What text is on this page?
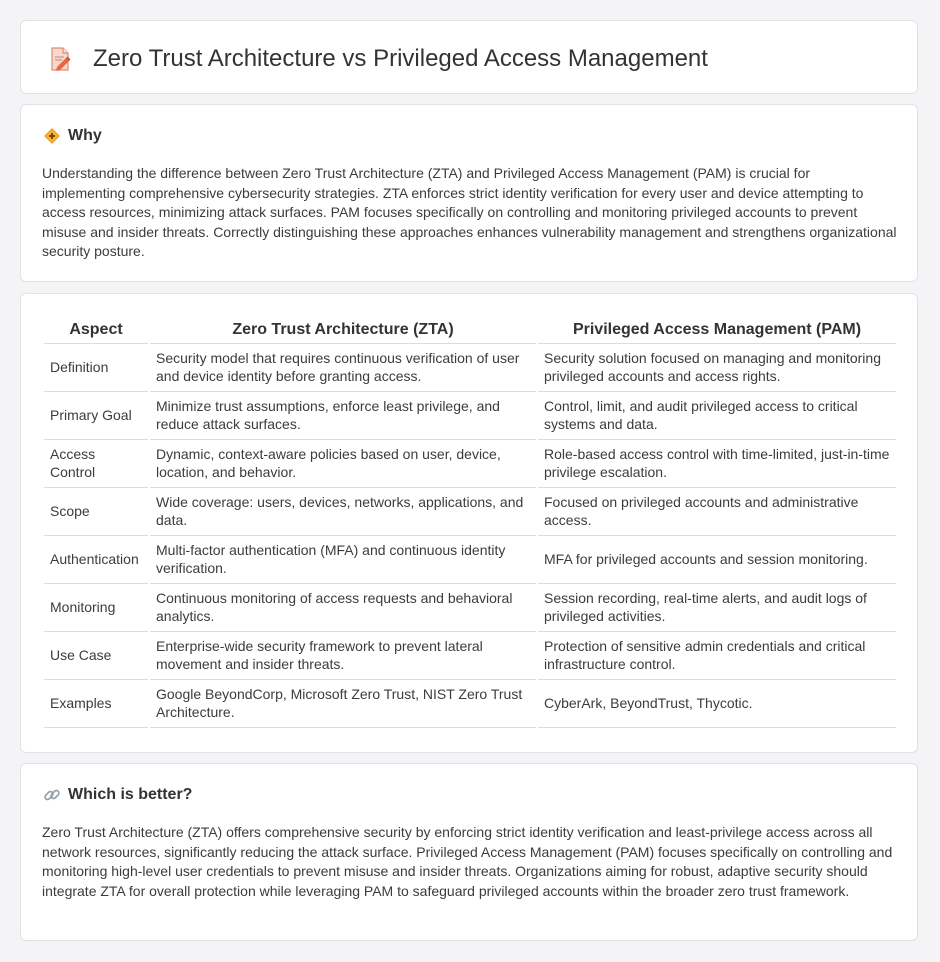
Zero Trust Architecture vs Privileged Access Management
Why

Understanding the difference between Zero Trust Architecture (ZTA) and Privileged Access Management (PAM) is crucial for implementing comprehensive cybersecurity strategies. ZTA enforces strict identity verification for every user and device attempting to access resources, minimizing attack surfaces. PAM focuses specifically on controlling and monitoring privileged accounts to prevent misuse and insider threats. Correctly distinguishing these approaches enhances vulnerability management and strengthens organizational security posture.

Aspect	Zero Trust Architecture (ZTA)	Privileged Access Management (PAM)
Definition	Security model that requires continuous verification of user and device identity before granting access.	Security solution focused on managing and monitoring privileged accounts and access rights.
Primary Goal	Minimize trust assumptions, enforce least privilege, and reduce attack surfaces.	Control, limit, and audit privileged access to critical systems and data.
Access Control	Dynamic, context-aware policies based on user, device, location, and behavior.	Role-based access control with time-limited, just-in-time privilege escalation.
Scope	Wide coverage: users, devices, networks, applications, and data.	Focused on privileged accounts and administrative access.
Authentication	Multi-factor authentication (MFA) and continuous identity verification.	MFA for privileged accounts and session monitoring.
Monitoring	Continuous monitoring of access requests and behavioral analytics.	Session recording, real-time alerts, and audit logs of privileged activities.
Use Case	Enterprise-wide security framework to prevent lateral movement and insider threats.	Protection of sensitive admin credentials and critical infrastructure control.
Examples	Google BeyondCorp, Microsoft Zero Trust, NIST Zero Trust Architecture.	CyberArk, BeyondTrust, Thycotic.
Which is better?

Zero Trust Architecture (ZTA) offers comprehensive security by enforcing strict identity verification and least-privilege access across all network resources, significantly reducing the attack surface. Privileged Access Management (PAM) focuses specifically on controlling and monitoring high-level user credentials to prevent misuse and insider threats. Organizations aiming for robust, adaptive security should integrate ZTA for overall protection while leveraging PAM to safeguard privileged accounts within the broader zero trust framework.
